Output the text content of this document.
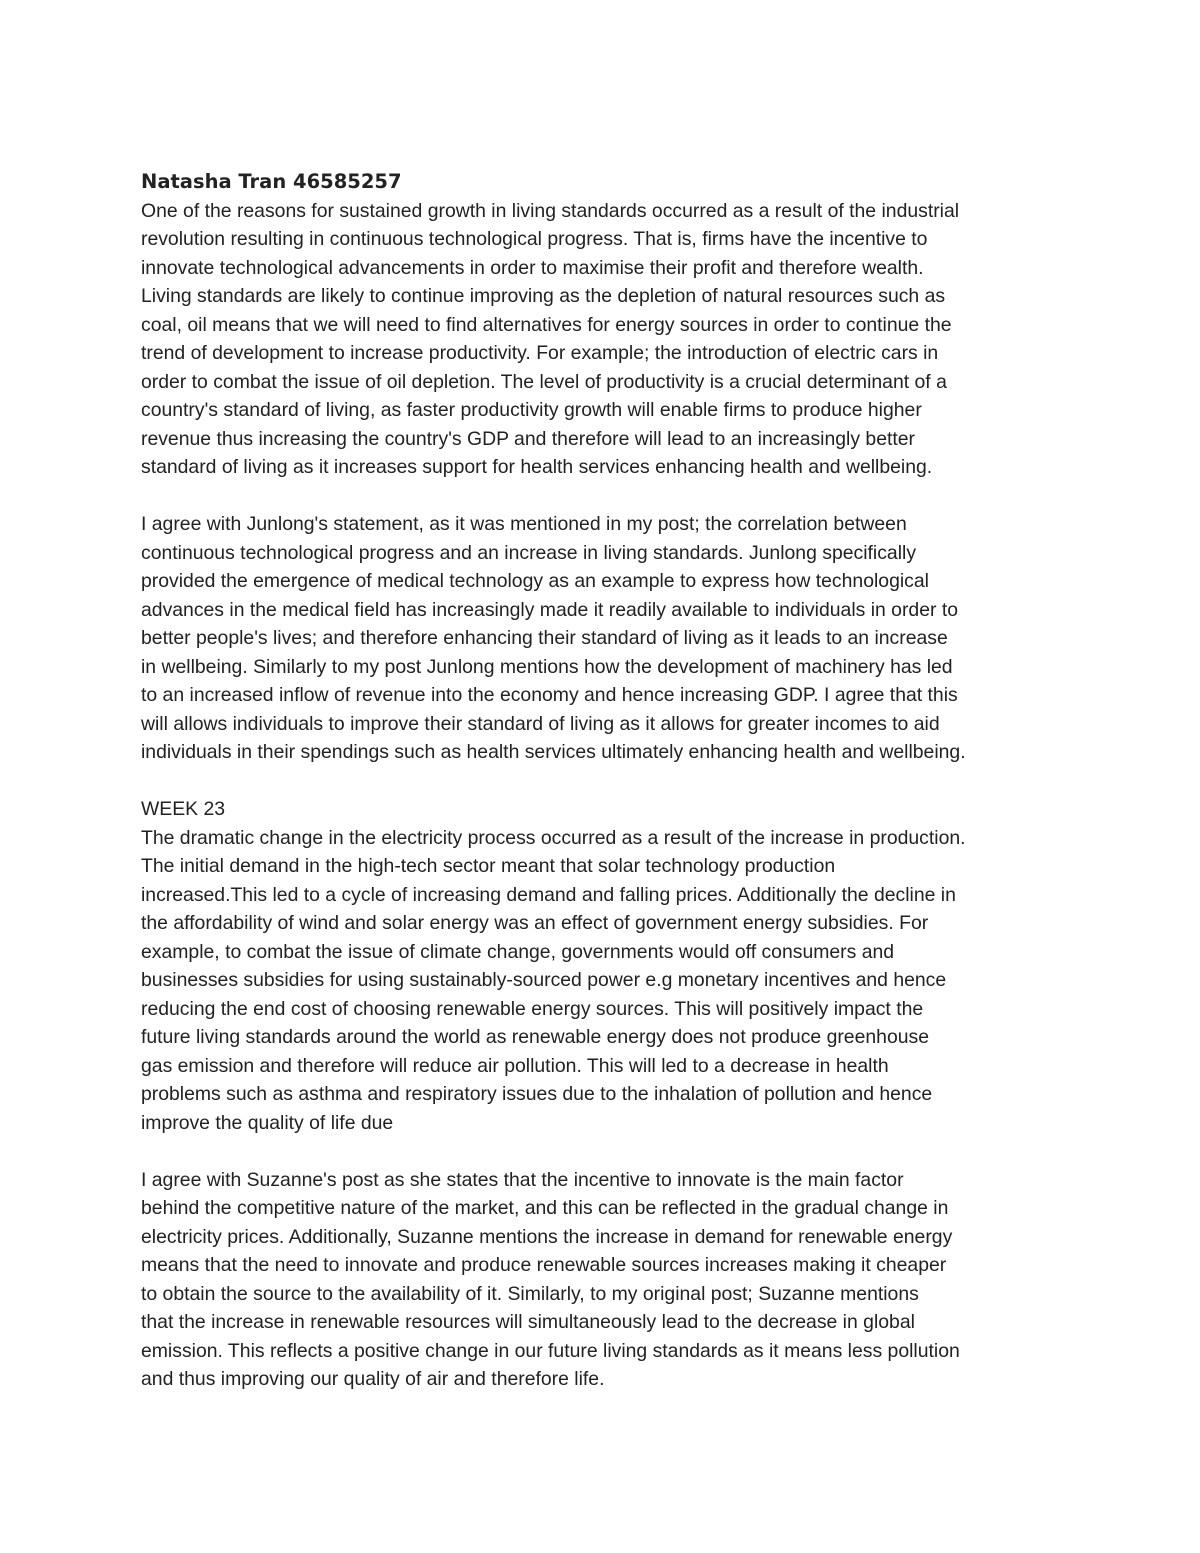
Natasha Tran 46585257

One of the reasons for sustained growth in living standards occurred as a result of the industrial
revolution resulting in continuous technological progress. That is, firms have the incentive to
innovate technological advancements in order to maximise their profit and therefore wealth.
Living standards are likely to continue improving as the depletion of natural resources such as
coal, oil means that we will need to find alternatives for energy sources in order to continue the
trend of development to increase productivity. For example; the introduction of electric cars in
order to combat the issue of oil depletion. The level of productivity is a crucial determinant of a
country's standard of living, as faster productivity growth will enable firms to produce higher
revenue thus increasing the country's GDP and therefore will lead to an increasingly better
standard of living as it increases support for health services enhancing health and wellbeing.

I agree with Junlong's statement, as it was mentioned in my post; the correlation between
continuous technological progress and an increase in living standards. Junlong specifically
provided the emergence of medical technology as an example to express how technological
advances in the medical field has increasingly made it readily available to individuals in order to
better people's lives; and therefore enhancing their standard of living as it leads to an increase
in wellbeing. Similarly to my post Junlong mentions how the development of machinery has led
to an increased inflow of revenue into the economy and hence increasing GDP. I agree that this
will allows individuals to improve their standard of living as it allows for greater incomes to aid
individuals in their spendings such as health services ultimately enhancing health and wellbeing.

WEEK 23

The dramatic change in the electricity process occurred as a result of the increase in production.
The initial demand in the high-tech sector meant that solar technology production
increased.This led to a cycle of increasing demand and falling prices. Additionally the decline in
the affordability of wind and solar energy was an effect of government energy subsidies. For
example, to combat the issue of climate change, governments would off consumers and
businesses subsidies for using sustainably-sourced power e.g monetary incentives and hence
reducing the end cost of choosing renewable energy sources. This will positively impact the
future living standards around the world as renewable energy does not produce greenhouse
gas emission and therefore will reduce air pollution. This will led to a decrease in health
problems such as asthma and respiratory issues due to the inhalation of pollution and hence
improve the quality of life due

I agree with Suzanne's post as she states that the incentive to innovate is the main factor
behind the competitive nature of the market, and this can be reflected in the gradual change in
electricity prices. Additionally, Suzanne mentions the increase in demand for renewable energy
means that the need to innovate and produce renewable sources increases making it cheaper
to obtain the source to the availability of it. Similarly, to my original post; Suzanne mentions
that the increase in renewable resources will simultaneously lead to the decrease in global
emission. This reflects a positive change in our future living standards as it means less pollution
and thus improving our quality of air and therefore life.
